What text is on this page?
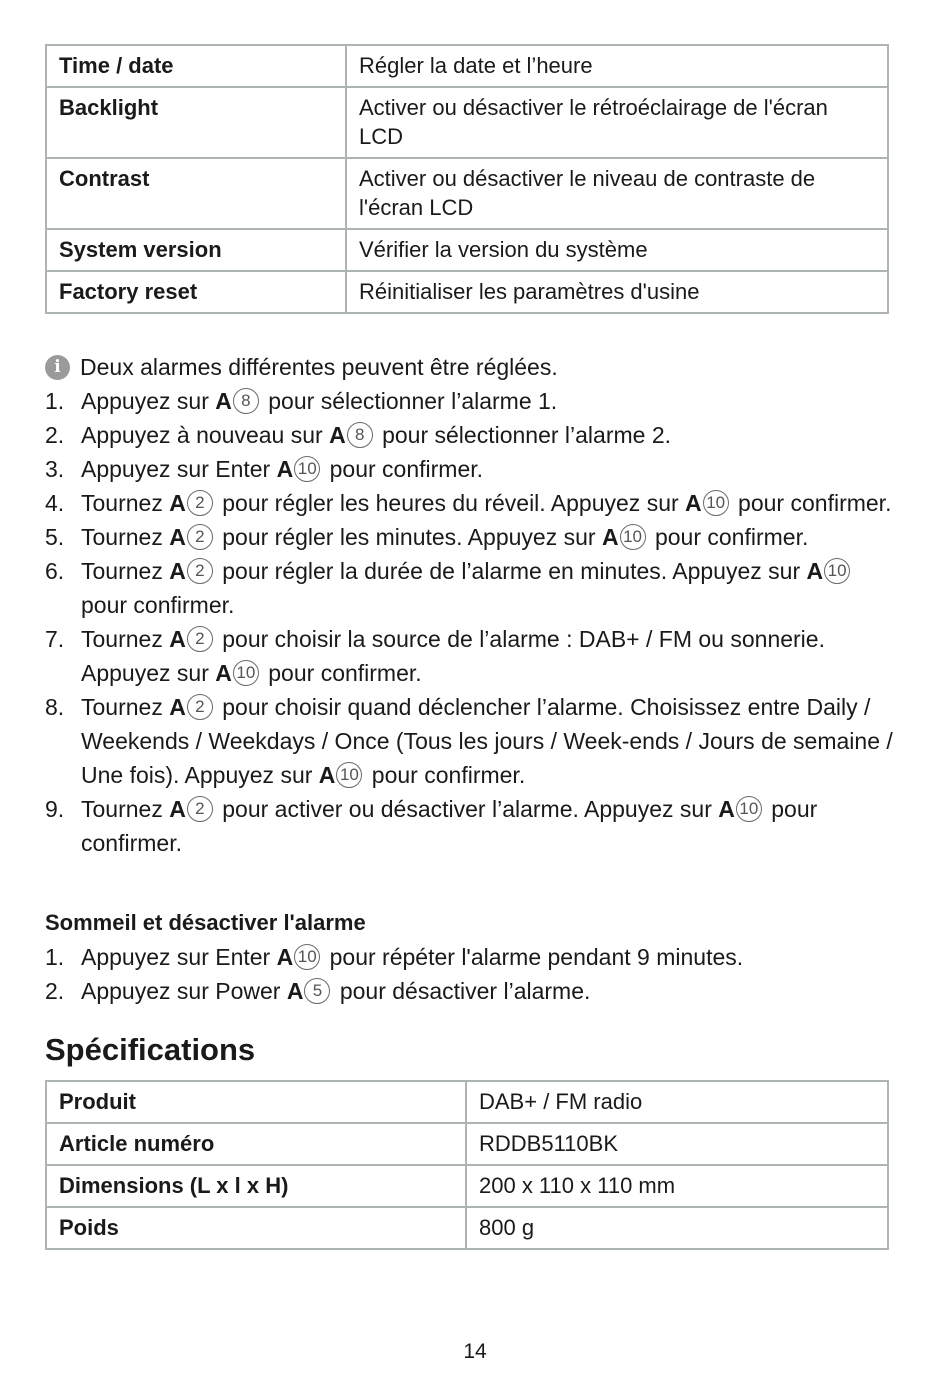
Time / date	Régler la date et l’heure
Backlight	Activer ou désactiver le rétroéclairage de l'écran LCD
Contrast	Activer ou désactiver le niveau de contraste de l'écran LCD
System version	Vérifier la version du système
Factory reset	Réinitialiser les paramètres d'usine
i Deux alarmes différentes peuvent être réglées.
1. Appuyez sur A 8 pour sélectionner l’alarme 1.
2. Appuyez à nouveau sur A 8 pour sélectionner l’alarme 2.
3. Appuyez sur Enter A 10 pour confirmer.
4. Tournez A 2 pour régler les heures du réveil. Appuyez sur A 10 pour confirmer.
5. Tournez A 2 pour régler les minutes. Appuyez sur A 10 pour confirmer.
6. Tournez A 2 pour régler la durée de l’alarme en minutes. Appuyez sur A 10 pour confirmer.
7. Tournez A 2 pour choisir la source de l’alarme : DAB+ / FM ou sonnerie. Appuyez sur A 10 pour confirmer.
8. Tournez A 2 pour choisir quand déclencher l’alarme. Choisissez entre Daily / Weekends / Weekdays / Once (Tous les jours / Week-ends / Jours de semaine / Une fois). Appuyez sur A 10 pour confirmer.
9. Tournez A 2 pour activer ou désactiver l’alarme. Appuyez sur A 10 pour confirmer.
Sommeil et désactiver l'alarme
1. Appuyez sur Enter A 10 pour répéter l'alarme pendant 9 minutes.
2. Appuyez sur Power A 5 pour désactiver l’alarme.
Spécifications
Produit	DAB+ / FM radio
Article numéro	RDDB5110BK
Dimensions (L x l x H)	200 x 110 x 110 mm
Poids	800 g
14
